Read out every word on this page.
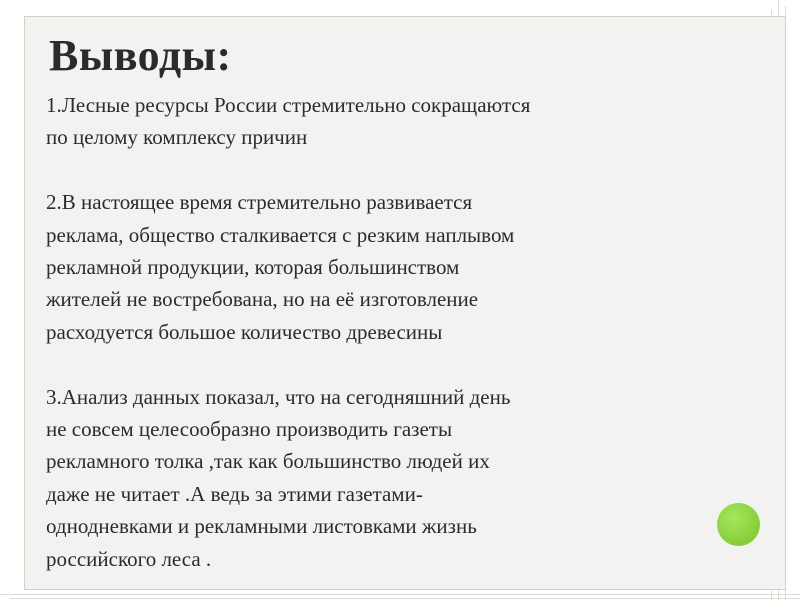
Выводы:

1.Лесные ресурсы России стремительно сокращаются
по целому комплексу причин

2.В настоящее время стремительно развивается
реклама, общество сталкивается с резким наплывом
рекламной продукции, которая большинством
жителей не востребована, но на её изготовление
расходуется большое количество древесины

3.Анализ данных показал, что на сегодняшний день
не совсем целесообразно производить газеты
рекламного толка ,так как большинство людей их
даже не читает .А ведь за этими газетами-
однодневками и рекламными листовками жизнь
российского леса .
